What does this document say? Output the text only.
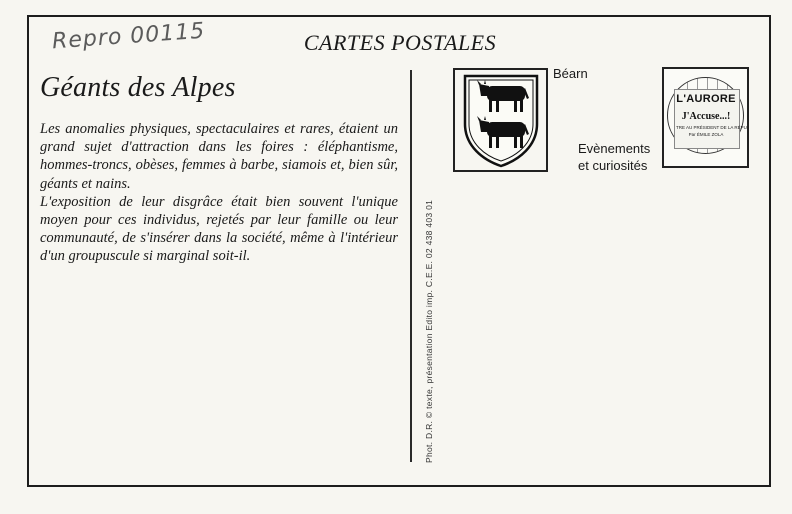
Repro 00115	CARTES POSTALES
Géants des Alpes

Les anomalies physiques, spectaculaires et rares, étaient un grand sujet d'attraction dans les foires : éléphantisme, hommes-troncs, obèses, femmes à barbe, siamois et, bien sûr, géants et nains.

L'exposition de leur disgrâce était bien souvent l'unique moyen pour ces individus, rejetés par leur famille ou leur communauté, de s'insérer dans la société, même à l'intérieur d'un groupuscule si marginal soit-il.	Phot. D.R. © texte, présentation Edito imp. C.E.E. 02 438 403 01
Béarn
Evènements
et curiosités
L'AURORE
J'Accuse...!
TRE AU PRÉSIDENT DE LA RÉPU
Par ÉMILE ZOLA
